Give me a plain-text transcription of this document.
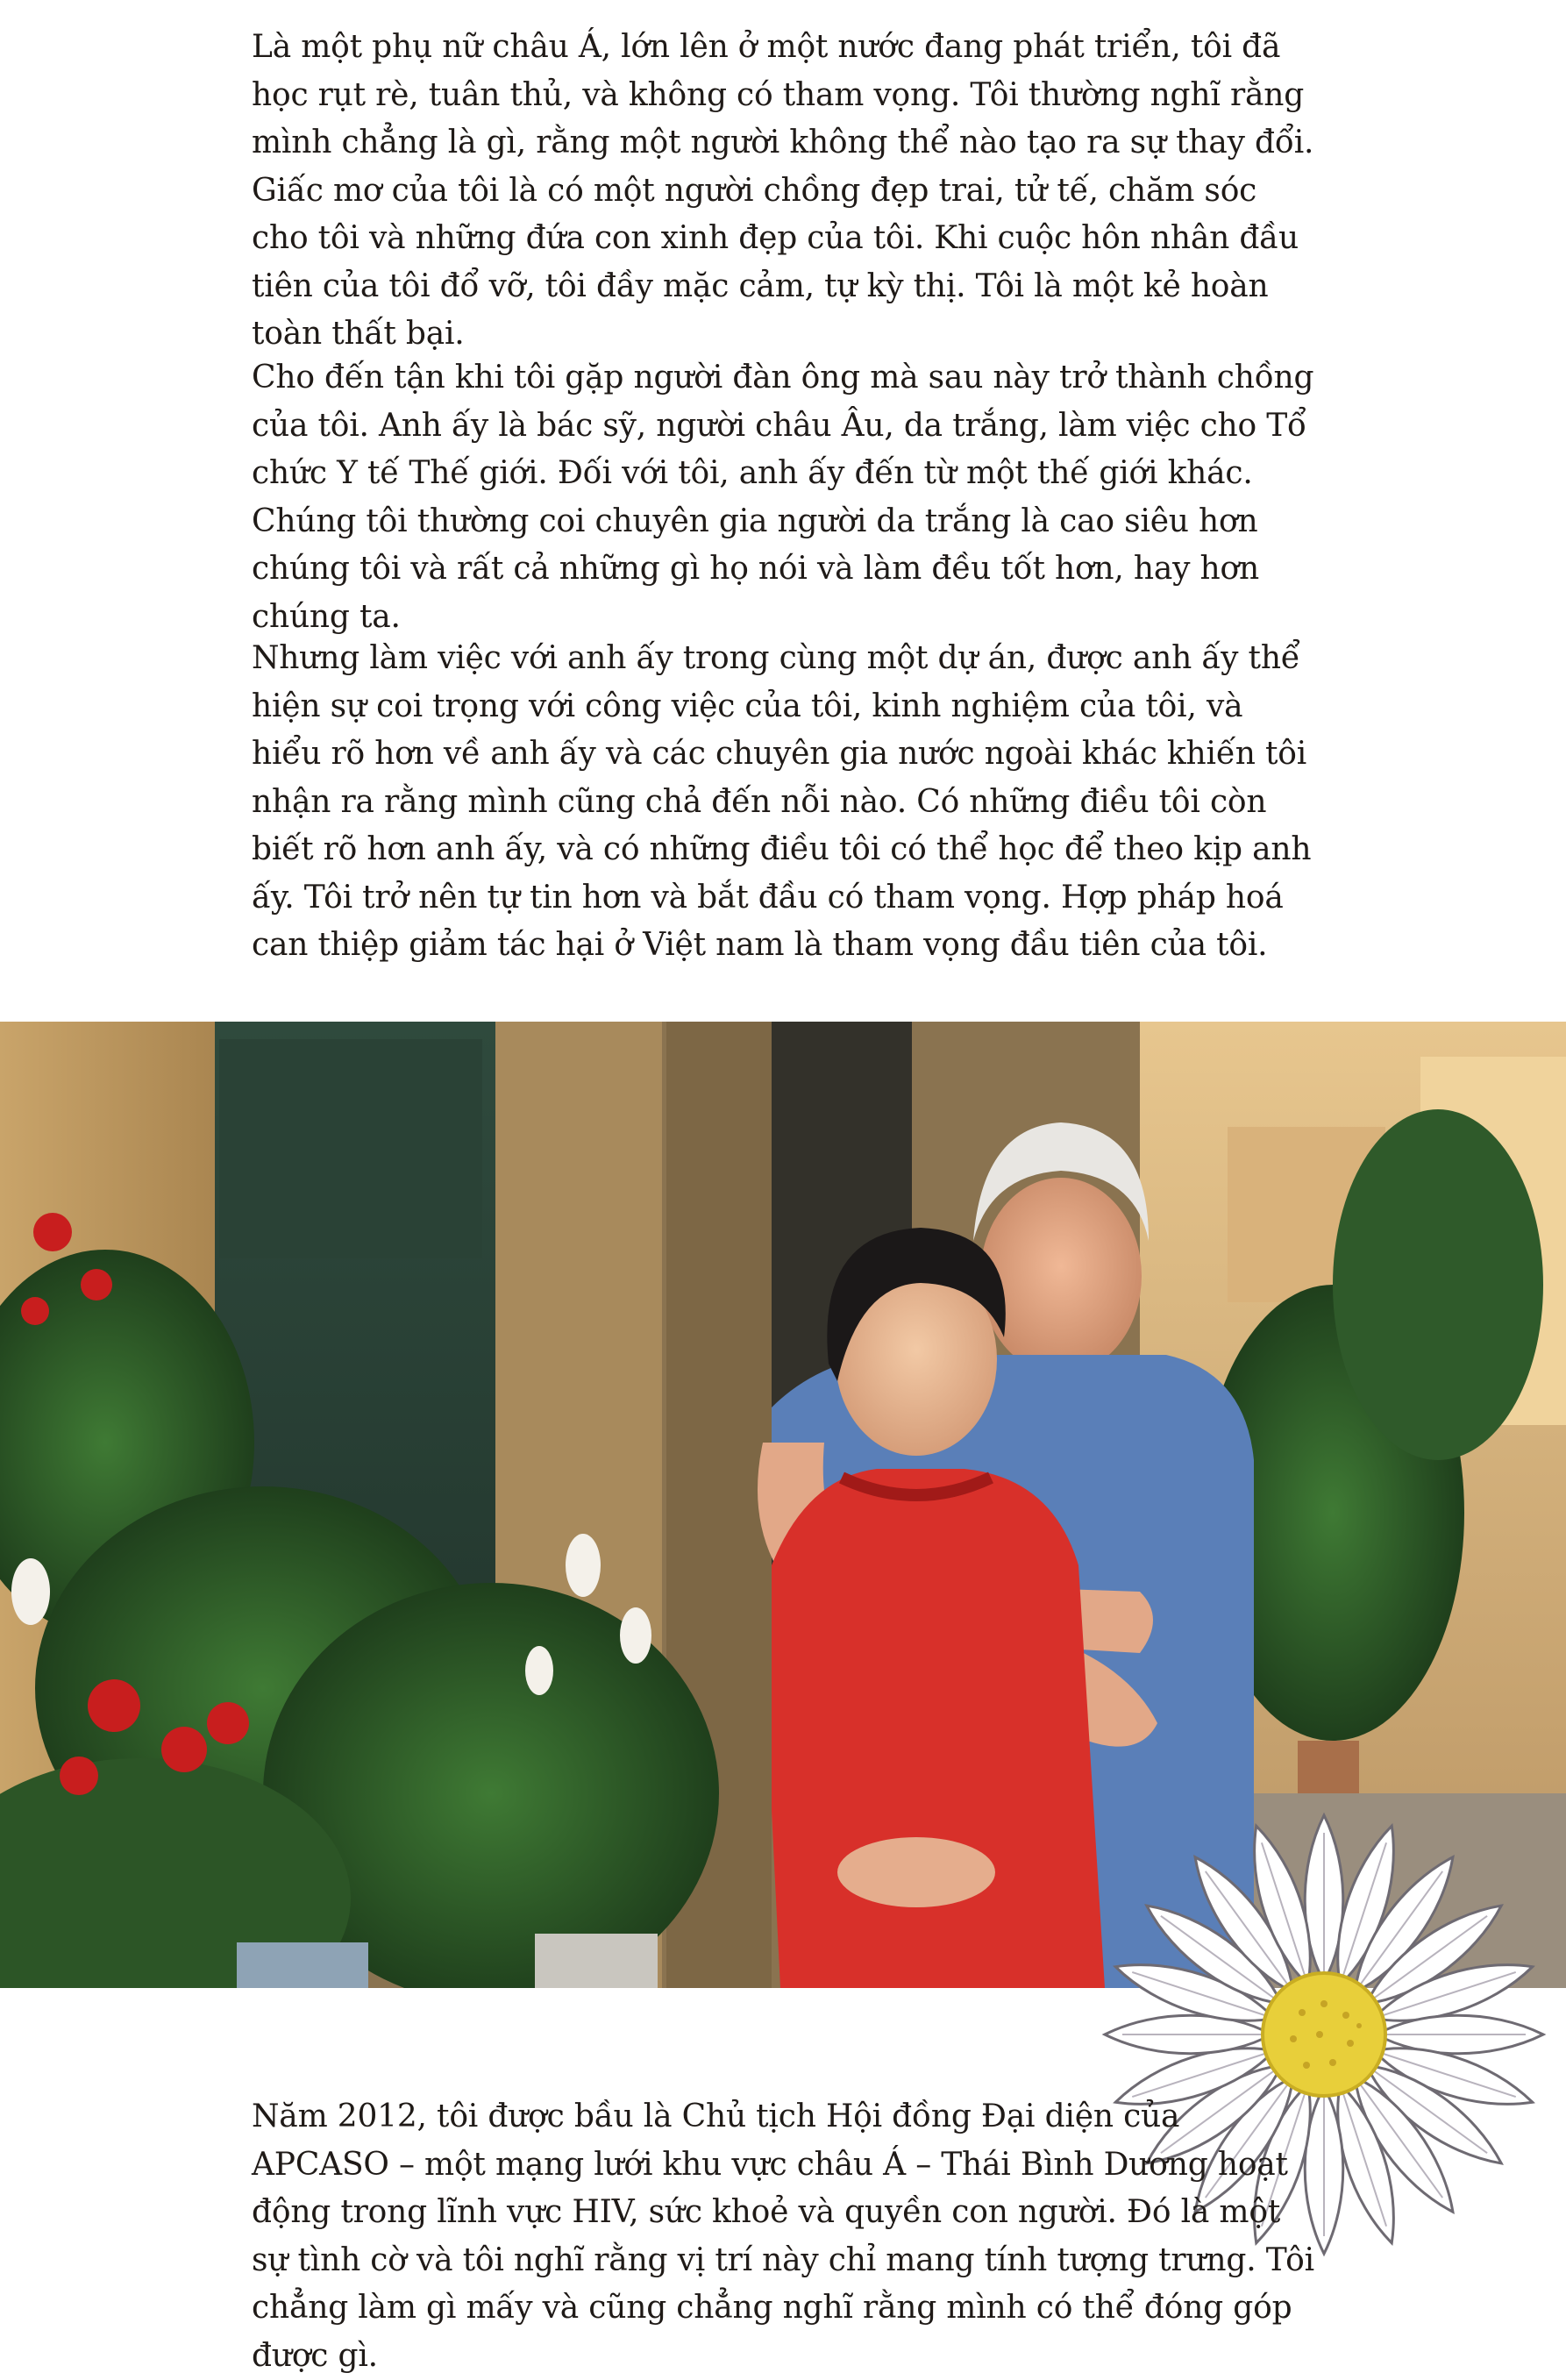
Là một phụ nữ châu Á, lớn lên ở một nước đang phát triển, tôi đã học rụt rè, tuân thủ, và không có tham vọng. Tôi thường nghĩ rằng mình chẳng là gì, rằng một người không thể nào tạo ra sự thay đổi. Giấc mơ của tôi là có một người chồng đẹp trai, tử tế, chăm sóc cho tôi và những đứa con xinh đẹp của tôi. Khi cuộc hôn nhân đầu tiên của tôi đổ vỡ, tôi đầy mặc cảm, tự kỳ thị. Tôi là một kẻ hoàn toàn thất bại.

Cho đến tận khi tôi gặp người đàn ông mà sau này trở thành chồng của tôi. Anh ấy là bác sỹ, người châu Âu, da trắng, làm việc cho Tổ chức Y tế Thế giới. Đối với tôi, anh ấy đến từ một thế giới khác. Chúng tôi thường coi chuyên gia người da trắng là cao siêu hơn chúng tôi và rất cả những gì họ nói và làm đều tốt hơn, hay hơn chúng ta.

Nhưng làm việc với anh ấy trong cùng một dự án, được anh ấy thể hiện sự coi trọng với công việc của tôi, kinh nghiệm của tôi, và hiểu rõ hơn về anh ấy và các chuyên gia nước ngoài khác khiến tôi nhận ra rằng mình cũng chả đến nỗi nào. Có những điều tôi còn biết rõ hơn anh ấy, và có những điều tôi có thể học để theo kịp anh ấy. Tôi trở nên tự tin hơn và bắt đầu có tham vọng. Hợp pháp hoá can thiệp giảm tác hại ở Việt nam là tham vọng đầu tiên của tôi.

Năm 2012, tôi được bầu là Chủ tịch Hội đồng Đại diện của APCASO – một mạng lưới khu vực châu Á – Thái Bình Dương hoạt động trong lĩnh vực HIV, sức khoẻ và quyền con người. Đó là một sự tình cờ và tôi nghĩ rằng vị trí này chỉ mang tính tượng trưng. Tôi chẳng làm gì mấy và cũng chẳng nghĩ rằng mình có thể đóng góp được gì.
